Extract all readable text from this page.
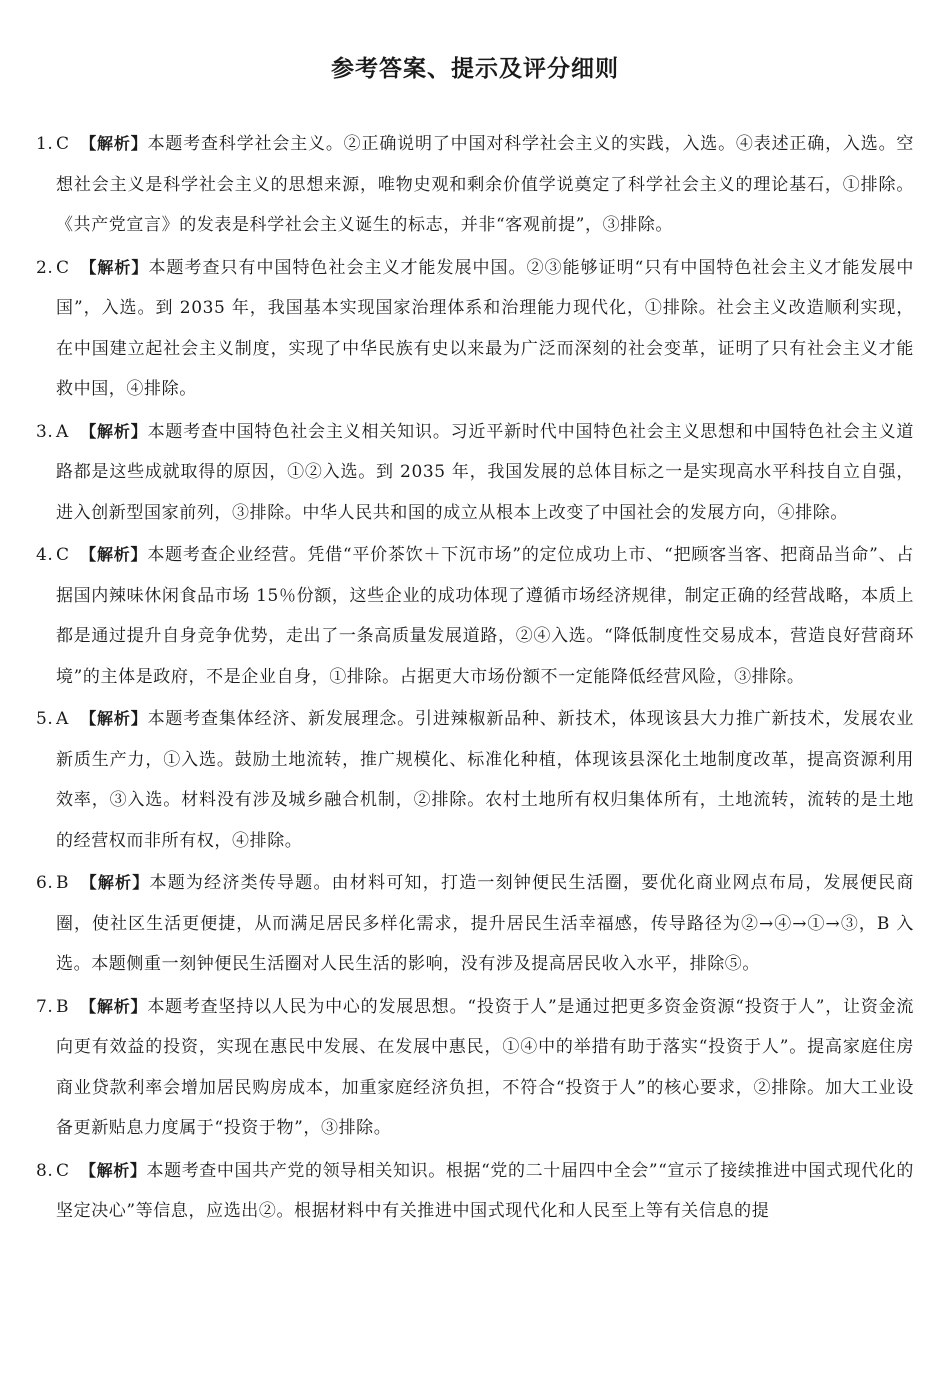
参考答案、提示及评分细则
1. C 【解析】本题考查科学社会主义。②正确说明了中国对科学社会主义的实践，入选。④表述正确，入选。空想社会主义是科学社会主义的思想来源，唯物史观和剩余价值学说奠定了科学社会主义的理论基石，①排除。《共产党宣言》的发表是科学社会主义诞生的标志，并非“客观前提”，③排除。
2. C 【解析】本题考查只有中国特色社会主义才能发展中国。②③能够证明“只有中国特色社会主义才能发展中国”，入选。到 2035 年，我国基本实现国家治理体系和治理能力现代化，①排除。社会主义改造顺利实现，在中国建立起社会主义制度，实现了中华民族有史以来最为广泛而深刻的社会变革，证明了只有社会主义才能救中国，④排除。
3. A 【解析】本题考查中国特色社会主义相关知识。习近平新时代中国特色社会主义思想和中国特色社会主义道路都是这些成就取得的原因，①②入选。到 2035 年，我国发展的总体目标之一是实现高水平科技自立自强，进入创新型国家前列，③排除。中华人民共和国的成立从根本上改变了中国社会的发展方向，④排除。
4. C 【解析】本题考查企业经营。凭借“平价茶饮＋下沉市场”的定位成功上市、“把顾客当客、把商品当命”、占据国内辣味休闲食品市场 15％份额，这些企业的成功体现了遵循市场经济规律，制定正确的经营战略，本质上都是通过提升自身竞争优势，走出了一条高质量发展道路，②④入选。“降低制度性交易成本，营造良好营商环境”的主体是政府，不是企业自身，①排除。占据更大市场份额不一定能降低经营风险，③排除。
5. A 【解析】本题考查集体经济、新发展理念。引进辣椒新品种、新技术，体现该县大力推广新技术，发展农业新质生产力，①入选。鼓励土地流转，推广规模化、标准化种植，体现该县深化土地制度改革，提高资源利用效率，③入选。材料没有涉及城乡融合机制，②排除。农村土地所有权归集体所有，土地流转，流转的是土地的经营权而非所有权，④排除。
6. B 【解析】本题为经济类传导题。由材料可知，打造一刻钟便民生活圈，要优化商业网点布局，发展便民商圈，使社区生活更便捷，从而满足居民多样化需求，提升居民生活幸福感，传导路径为②→④→①→③，B 入选。本题侧重一刻钟便民生活圈对人民生活的影响，没有涉及提高居民收入水平，排除⑤。
7. B 【解析】本题考查坚持以人民为中心的发展思想。“投资于人”是通过把更多资金资源“投资于人”，让资金流向更有效益的投资，实现在惠民中发展、在发展中惠民，①④中的举措有助于落实“投资于人”。提高家庭住房商业贷款利率会增加居民购房成本，加重家庭经济负担，不符合“投资于人”的核心要求，②排除。加大工业设备更新贴息力度属于“投资于物”，③排除。
8. C 【解析】本题考查中国共产党的领导相关知识。根据“党的二十届四中全会”“宣示了接续推进中国式现代化的坚定决心”等信息，应选出②。根据材料中有关推进中国式现代化和人民至上等有关信息的提
